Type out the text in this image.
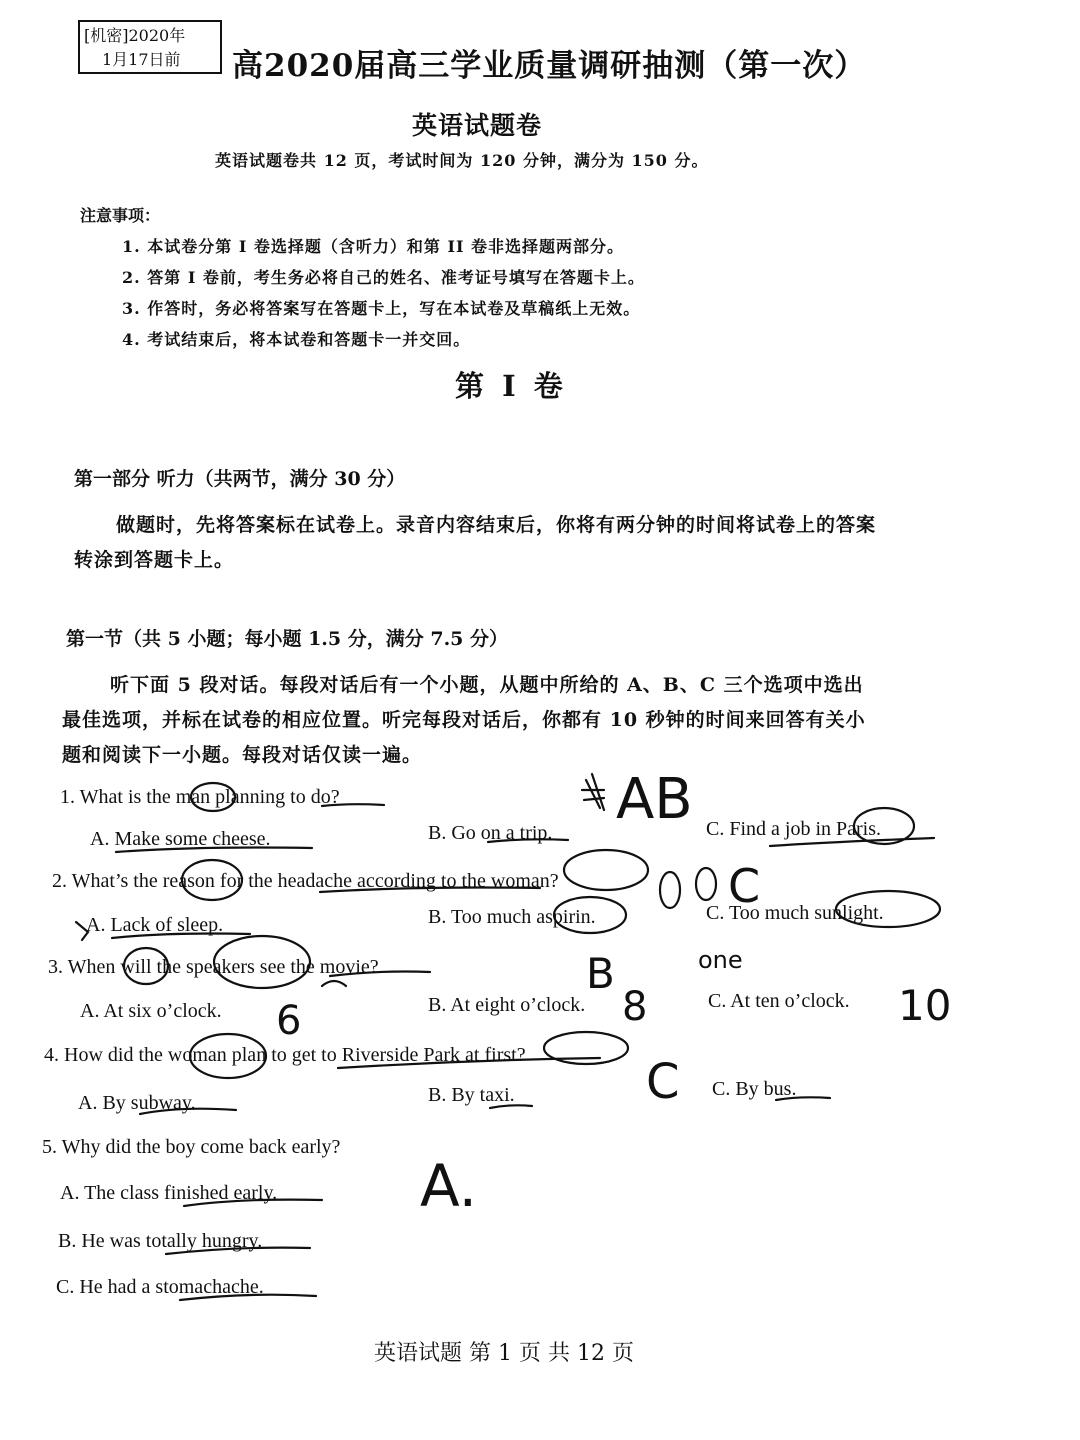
[机密]2020年
1月17日前	高2020届高三学业质量调研抽测（第一次）
英语试题卷
英语试题卷共 12 页，考试时间为 120 分钟，满分为 150 分。
注意事项：
1. 本试卷分第 I 卷选择题（含听力）和第 II 卷非选择题两部分。
2. 答第 I 卷前，考生务必将自己的姓名、准考证号填写在答题卡上。
3. 作答时，务必将答案写在答题卡上，写在本试卷及草稿纸上无效。
4. 考试结束后，将本试卷和答题卡一并交回。
第 I 卷
第一部分 听力（共两节，满分 30 分）
做题时，先将答案标在试卷上。录音内容结束后，你将有两分钟的时间将试卷上的答案
转涂到答题卡上。
第一节（共 5 小题；每小题 1.5 分，满分 7.5 分）
听下面 5 段对话。每段对话后有一个小题，从题中所给的 A、B、C 三个选项中选出
最佳选项，并标在试卷的相应位置。听完每段对话后，你都有 10 秒钟的时间来回答有关小
题和阅读下一小题。每段对话仅读一遍。
1. What is the man planning to do?
A. Make some cheese.	B. Go on a trip.	C. Find a job in Paris.
2. What’s the reason for the headache according to the woman?
A. Lack of sleep.	B. Too much aspirin.	C. Too much sunlight.
3. When will the speakers see the movie?
A. At six o’clock.	B. At eight o’clock.	C. At ten o’clock.
4. How did the woman plan to get to Riverside Park at first?
A. By subway.	B. By taxi.	C. By bus.
5. Why did the boy come back early?
A. The class finished early.
B. He was totally hungry.
C. He had a stomachache.
英语试题 第 1 页 共 12 页
AB
C
B	one
6	8	10
C
A.
